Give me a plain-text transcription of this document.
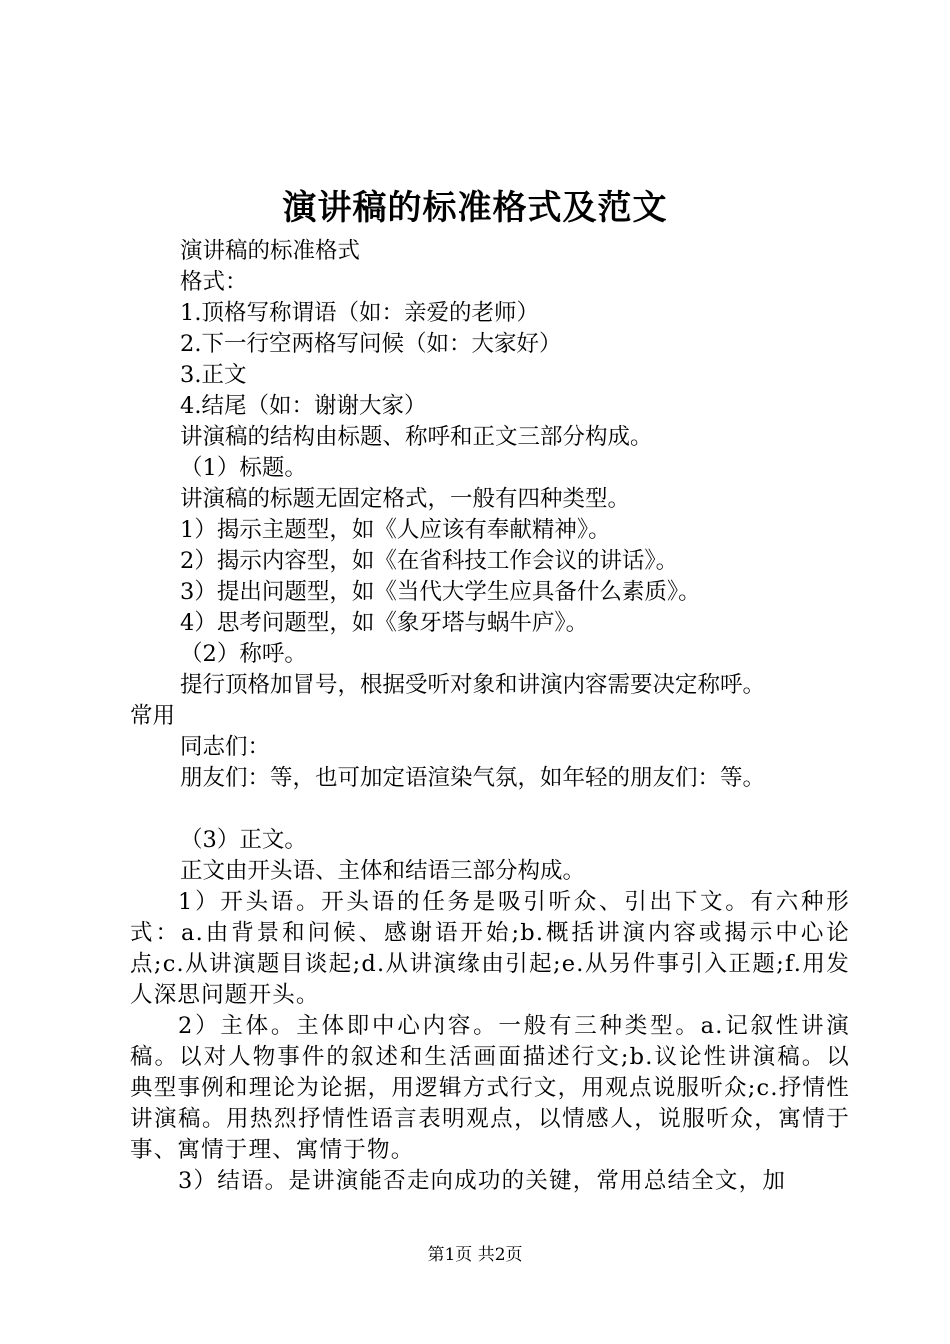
演讲稿的标准格式及范文
演讲稿的标准格式
格式：
1.顶格写称谓语（如：亲爱的老师）
2.下一行空两格写问候（如：大家好）
3.正文
4.结尾（如：谢谢大家）
讲演稿的结构由标题、称呼和正文三部分构成。
（1）标题。
讲演稿的标题无固定格式，一般有四种类型。
1）揭示主题型，如《人应该有奉献精神》。
2）揭示内容型，如《在省科技工作会议的讲话》。
3）提出问题型，如《当代大学生应具备什么素质》。
4）思考问题型，如《象牙塔与蜗牛庐》。
（2）称呼。
提行顶格加冒号，根据受听对象和讲演内容需要决定称呼。
常用
同志们：
朋友们：等，也可加定语渲染气氛，如年轻的朋友们：等。
（3）正文。
正文由开头语、主体和结语三部分构成。
1）开头语。开头语的任务是吸引听众、引出下文。有六种形式：a.由背景和问候、感谢语开始;b.概括讲演内容或揭示中心论点;c.从讲演题目谈起;d.从讲演缘由引起;e.从另件事引入正题;f.用发人深思问题开头。
2）主体。主体即中心内容。一般有三种类型。a.记叙性讲演稿。以对人物事件的叙述和生活画面描述行文;b.议论性讲演稿。以典型事例和理论为论据，用逻辑方式行文，用观点说服听众;c.抒情性讲演稿。用热烈抒情性语言表明观点，以情感人，说服听众，寓情于事、寓情于理、寓情于物。
3）结语。是讲演能否走向成功的关键，常用总结全文，加
第1页 共2页
